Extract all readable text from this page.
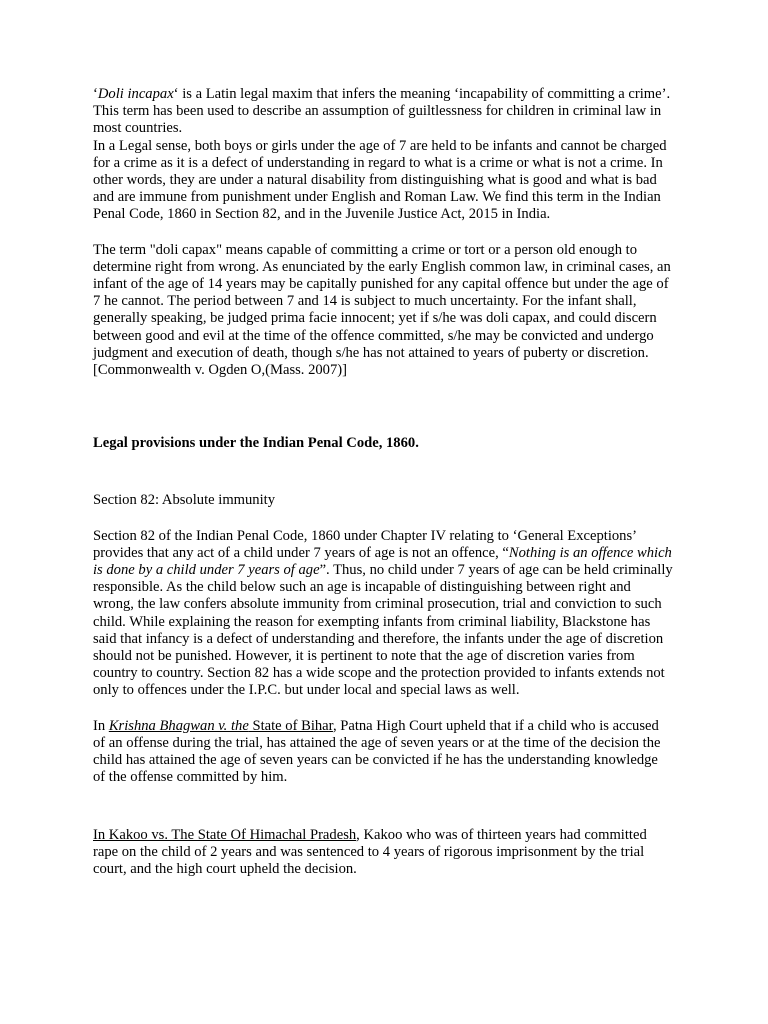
‘Doli incapax‘ is a Latin legal maxim that infers the meaning ‘incapability of committing a crime’. This term has been used to describe an assumption of guiltlessness for children in criminal law in most countries.

In a Legal sense, both boys or girls under the age of 7 are held to be infants and cannot be charged for a crime as it is a defect of understanding in regard to what is a crime or what is not a crime. In other words, they are under a natural disability from distinguishing what is good and what is bad and are immune from punishment under English and Roman Law. We find this term in the Indian Penal Code, 1860 in Section 82, and in the Juvenile Justice Act, 2015 in India.

The term "doli capax" means capable of committing a crime or tort or a person old enough to determine right from wrong. As enunciated by the early English common law, in criminal cases, an infant of the age of 14 years may be capitally punished for any capital offence but under the age of 7 he cannot. The period between 7 and 14 is subject to much uncertainty. For the infant shall, generally speaking, be judged prima facie innocent; yet if s/he was doli capax, and could discern between good and evil at the time of the offence committed, s/he may be convicted and undergo judgment and execution of death, though s/he has not attained to years of puberty or discretion. [Commonwealth v. Ogden O,(Mass. 2007)]

Legal provisions under the Indian Penal Code, 1860.

Section 82: Absolute immunity

Section 82 of the Indian Penal Code, 1860 under Chapter IV relating to ‘General Exceptions’ provides that any act of a child under 7 years of age is not an offence, “Nothing is an offence which is done by a child under 7 years of age”. Thus, no child under 7 years of age can be held criminally responsible. As the child below such an age is incapable of distinguishing between right and wrong, the law confers absolute immunity from criminal prosecution, trial and conviction to such child. While explaining the reason for exempting infants from criminal liability, Blackstone has said that infancy is a defect of understanding and therefore, the infants under the age of discretion should not be punished. However, it is pertinent to note that the age of discretion varies from country to country. Section 82 has a wide scope and the protection provided to infants extends not only to offences under the I.P.C. but under local and special laws as well.

In Krishna Bhagwan v. the State of Bihar, Patna High Court upheld that if a child who is accused of an offense during the trial, has attained the age of seven years or at the time of the decision the child has attained the age of seven years can be convicted if he has the understanding knowledge of the offense committed by him.

In Kakoo vs. The State Of Himachal Pradesh, Kakoo who was of thirteen years had committed rape on the child of 2 years and was sentenced to 4 years of rigorous imprisonment by the trial court, and the high court upheld the decision.
